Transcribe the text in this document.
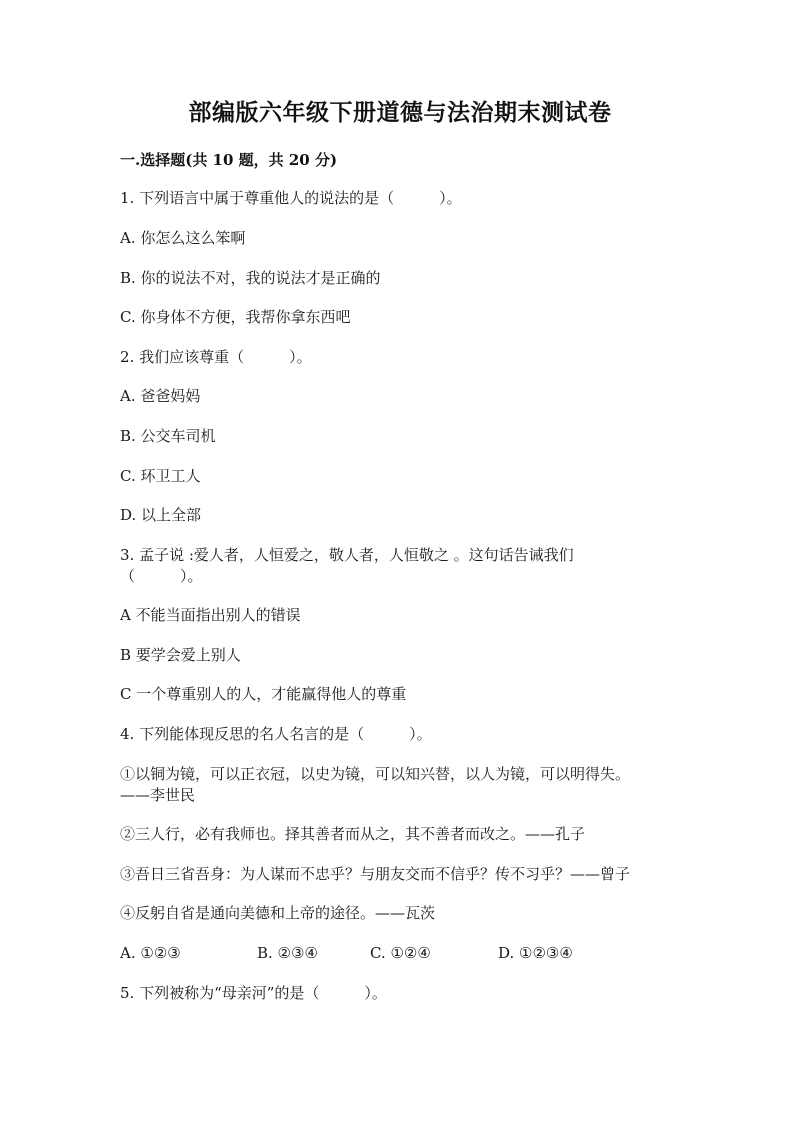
部编版六年级下册道德与法治期末测试卷
一.选择题(共 10 题，共 20 分)
1. 下列语言中属于尊重他人的说法的是（　　　）。
A. 你怎么这么笨啊
B. 你的说法不对，我的说法才是正确的
C. 你身体不方便，我帮你拿东西吧
2. 我们应该尊重（　　　）。
A. 爸爸妈妈
B. 公交车司机
C. 环卫工人
D. 以上全部
3. 孟子说 :爱人者，人恒爱之，敬人者，人恒敬之 。这句话告诫我们
（　　　）。
A 不能当面指出别人的错误
B 要学会爱上别人
C 一个尊重别人的人，才能赢得他人的尊重
4. 下列能体现反思的名人名言的是（　　　）。
①以铜为镜，可以正衣冠，以史为镜，可以知兴替，以人为镜，可以明得失。
——李世民
②三人行，必有我师也。择其善者而从之，其不善者而改之。——孔子
③吾日三省吾身：为人谋而不忠乎？与朋友交而不信乎？传不习乎？——曾子
④反躬自省是通向美德和上帝的途径。——瓦茨
A. ①②③	B. ②③④	C. ①②④	D. ①②③④
5. 下列被称为“母亲河”的是（　　　）。
